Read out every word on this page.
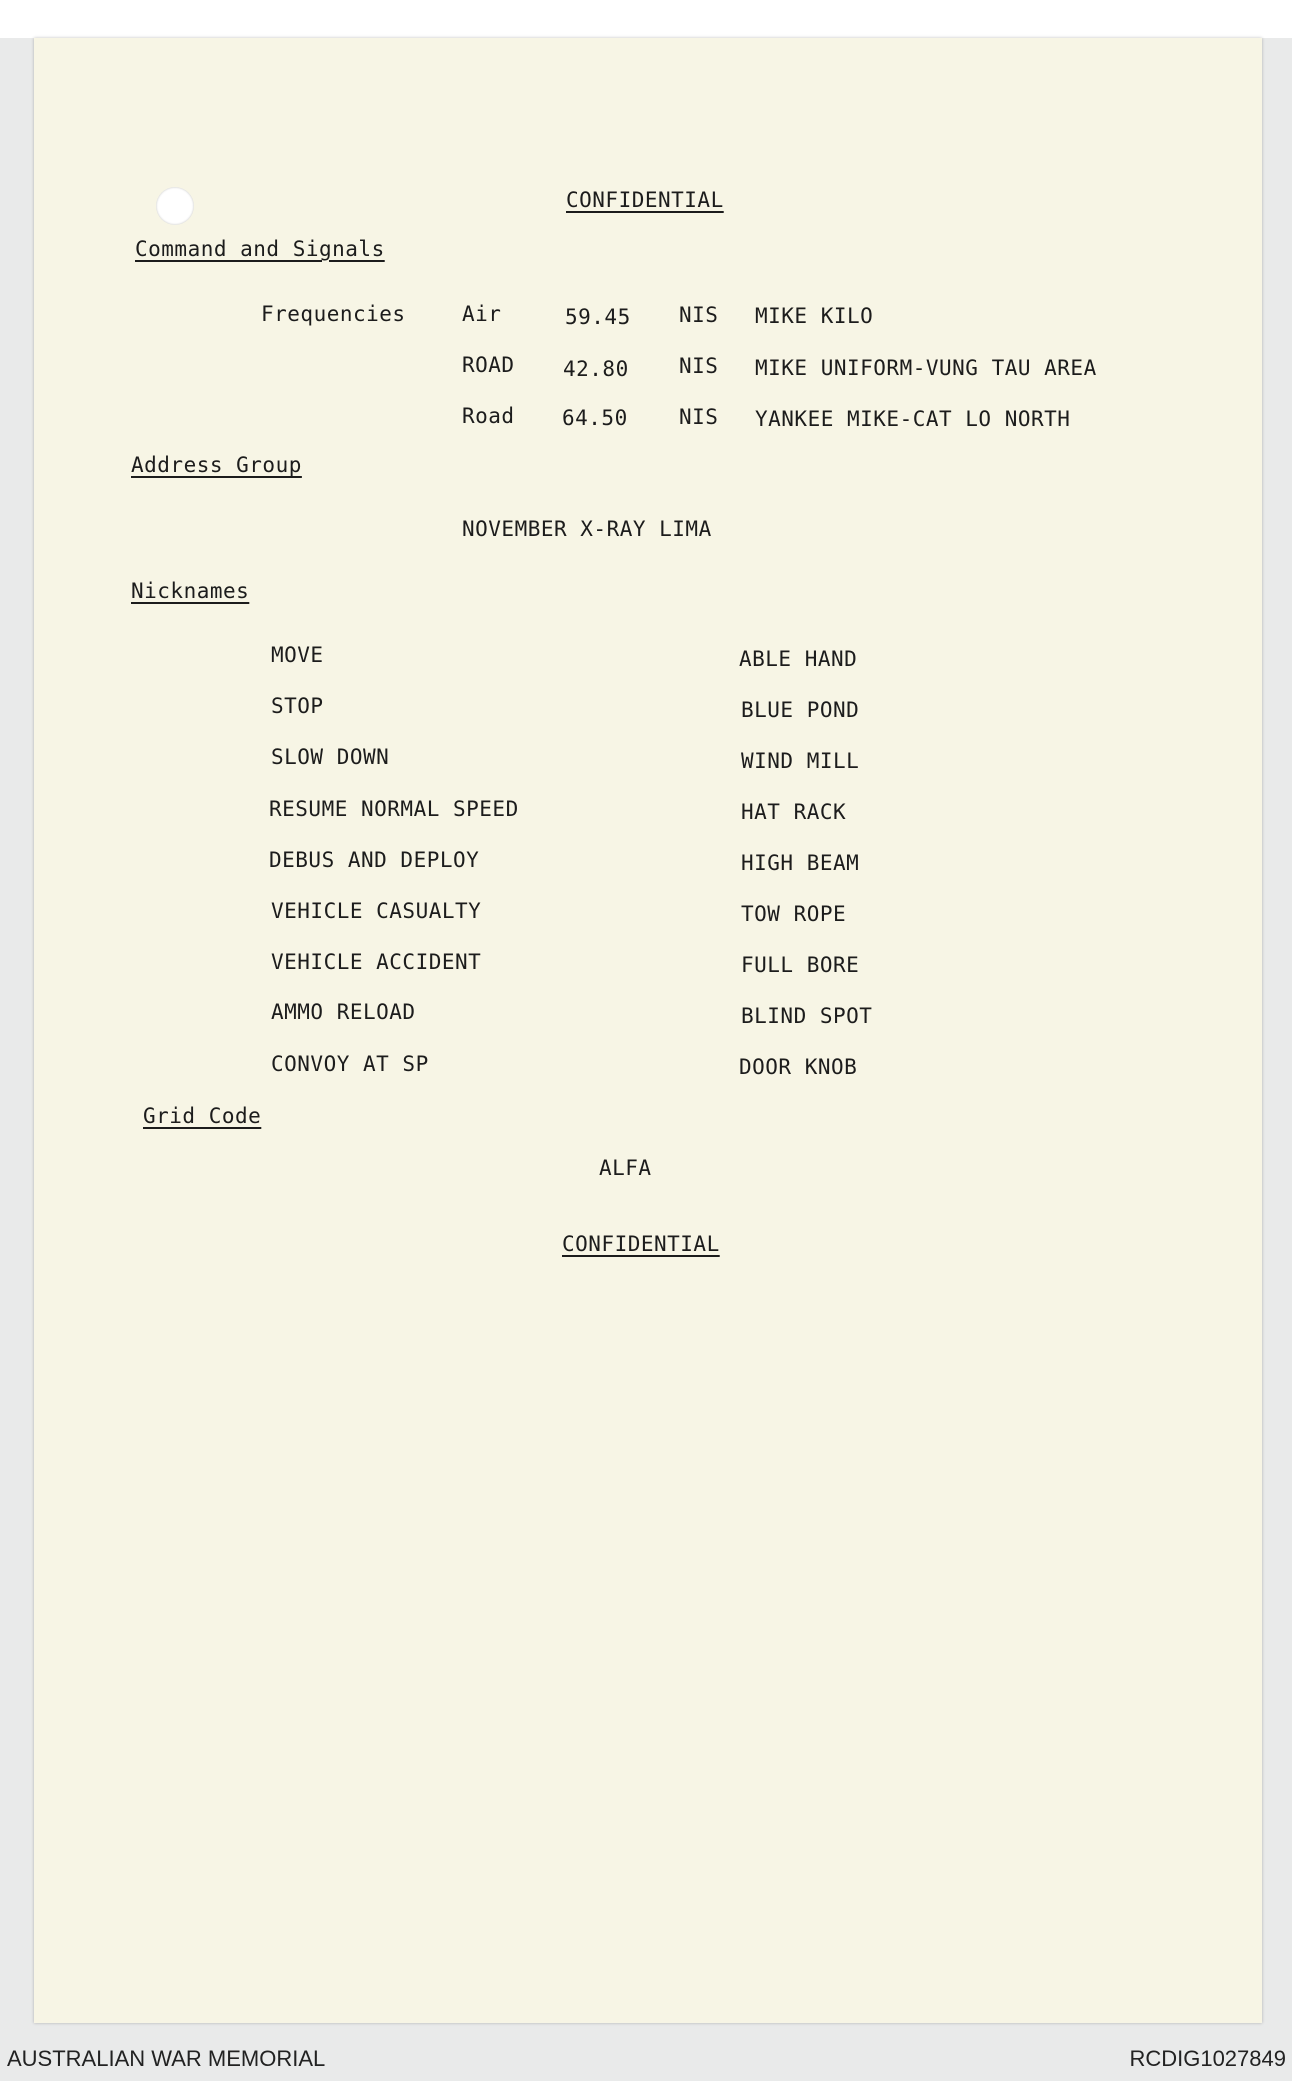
CONFIDENTIAL
Command and Signals
Frequencies	Air	59.45 NIS MIKE KILO
ROAD 42.80 NIS MIKE UNIFORM-VUNG TAU AREA
Road 64.50 NIS YANKEE MIKE-CAT LO NORTH
Address Group
NOVEMBER X-RAY LIMA
Nicknames
MOVE	ABLE HAND
STOP	BLUE POND
SLOW DOWN	WIND MILL
RESUME NORMAL SPEED	HAT RACK
DEBUS AND DEPLOY	HIGH BEAM
VEHICLE CASUALTY	TOW ROPE
VEHICLE ACCIDENT	FULL BORE
AMMO RELOAD	BLIND SPOT
CONVOY AT SP	DOOR KNOB
Grid Code
ALFA
CONFIDENTIAL
AUSTRALIAN WAR MEMORIAL	RCDIG1027849
